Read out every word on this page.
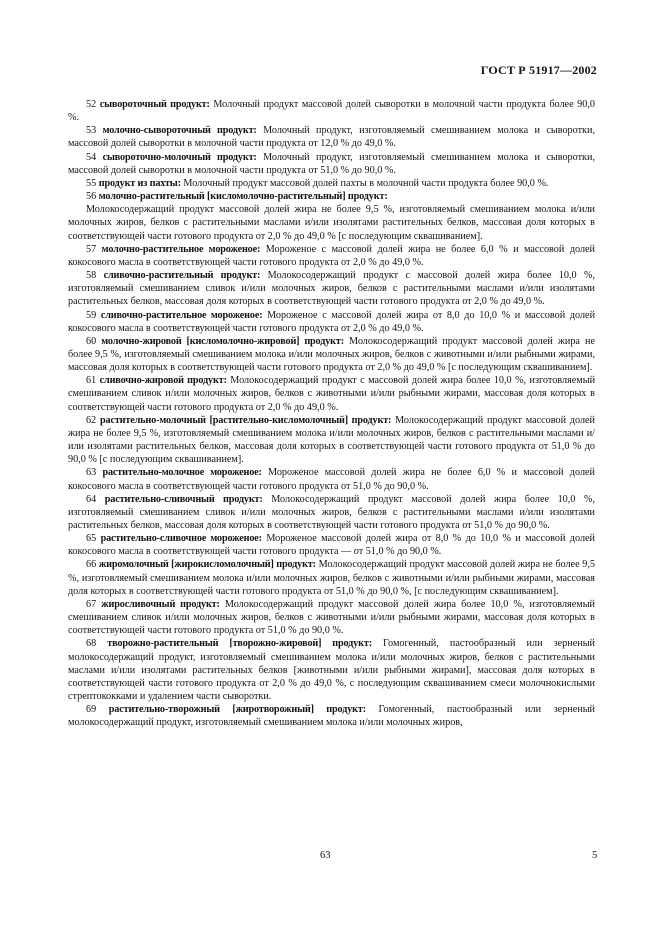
ГОСТ Р 51917—2002

52 сывороточный продукт: Молочный продукт массовой долей сыворотки в молочной части продукта более 90,0 %.

53 молочно-сывороточный продукт: Молочный продукт, изготовляемый смешиванием молока и сыворотки, массовой долей сыворотки в молочной части продукта от 12,0 % до 49,0 %.

54 сывороточно-молочный продукт: Молочный продукт, изготовляемый смешиванием молока и сыворотки, массовой долей сыворотки в молочной части продукта от 51,0 % до 90,0 %.

55 продукт из пахты: Молочный продукт массовой долей пахты в молочной части продукта более 90,0 %.

56 молочно-растительный [кисломолочно-растительный] продукт:

Молокосодержащий продукт массовой долей жира не более 9,5 %, изготовляемый смешиванием молока и/или молочных жиров, белков с растительными маслами и/или изолятами растительных белков, массовая доля которых в соответствующей части готового продукта от 2,0 % до 49,0 % [с последующим сквашиванием].

57 молочно-растительное мороженое: Мороженое с массовой долей жира не более 6,0 % и массовой долей кокосового масла в соответствующей части готового продукта от 2,0 % до 49,0 %.

58 сливочно-растительный продукт: Молокосодержащий продукт с массовой долей жира более 10,0 %, изготовляемый смешиванием сливок и/или молочных жиров, белков с растительными маслами и/или изолятами растительных белков, массовая доля которых в соответствующей части готового продукта от 2,0 % до 49,0 %.

59 сливочно-растительное мороженое: Мороженое с массовой долей жира от 8,0 до 10,0 % и массовой долей кокосового масла в соответствующей части готового продукта от 2,0 % до 49,0 %.

60 молочно-жировой [кисломолочно-жировой] продукт: Молокосодержащий продукт массовой долей жира не более 9,5 %, изготовляемый смешиванием молока и/или молочных жиров, белков с животными и/или рыбными жирами, массовая доля которых в соответствующей части готового продукта от 2,0 % до 49,0 % [с последующим сквашиванием].

61 сливочно-жировой продукт: Молокосодержащий продукт с массовой долей жира более 10,0 %, изготовляемый смешиванием сливок и/или молочных жиров, белков с животными и/или рыбными жирами, массовая доля которых в соответствующей части готового продукта от 2,0 % до 49,0 %.

62 растительно-молочный [растительно-кисломолочный] продукт: Молокосодержащий продукт массовой долей жира не более 9,5 %, изготовляемый смешиванием молока и/или молочных жиров, белков с растительными маслами и/или изолятами растительных белков, массовая доля которых в соответствующей части готового продукта от 51,0 % до 90,0 % [с последующим сквашиванием].

63 растительно-молочное мороженое: Мороженое массовой долей жира не более 6,0 % и массовой долей кокосового масла в соответствующей части готового продукта от 51,0 % до 90,0 %.

64 растительно-сливочный продукт: Молокосодержащий продукт массовой долей жира более 10,0 %, изготовляемый смешиванием сливок и/или молочных жиров, белков с растительными маслами и/или изолятами растительных белков, массовая доля которых в соответствующей части готового продукта от 51,0 % до 90,0 %.

65 растительно-сливочное мороженое: Мороженое массовой долей жира от 8,0 % до 10,0 % и массовой долей кокосового масла в соответствующей части готового продукта — от 51,0 % до 90,0 %.

66 жиромолочный [жирокисломолочный] продукт: Молокосодержащий продукт массовой долей жира не более 9,5 %, изготовляемый смешиванием молока и/или молочных жиров, белков с животными и/или рыбными жирами, массовая доля которых в соответствующей части готового продукта от 51,0 % до 90,0 %, [с последующим сквашиванием].

67 жиросливочный продукт: Молокосодержащий продукт массовой долей жира более 10,0 %, изготовляемый смешиванием сливок и/или молочных жиров, белков с животными и/или рыбными жирами, массовая доля которых в соответствующей части готового продукта от 51,0 % до 90,0 %.

68 творожно-растительный [творожно-жировой] продукт: Гомогенный, пастообразный или зерненый молокосодержащий продукт, изготовляемый смешиванием молока и/или молочных жиров, белков с растительными маслами и/или изолятами растительных белков [животными и/или рыбными жирами], массовая доля которых в соответствующей части готового продукта от 2,0 % до 49,0 %, с последующим сквашиванием смеси молочнокислыми стрептококками и удалением части сыворотки.

69 растительно-творожный [жиротворожный] продукт: Гомогенный, пастообразный или зерненый молокосодержащий продукт, изготовляемый смешиванием молока и/или молочных жиров,

63	5
